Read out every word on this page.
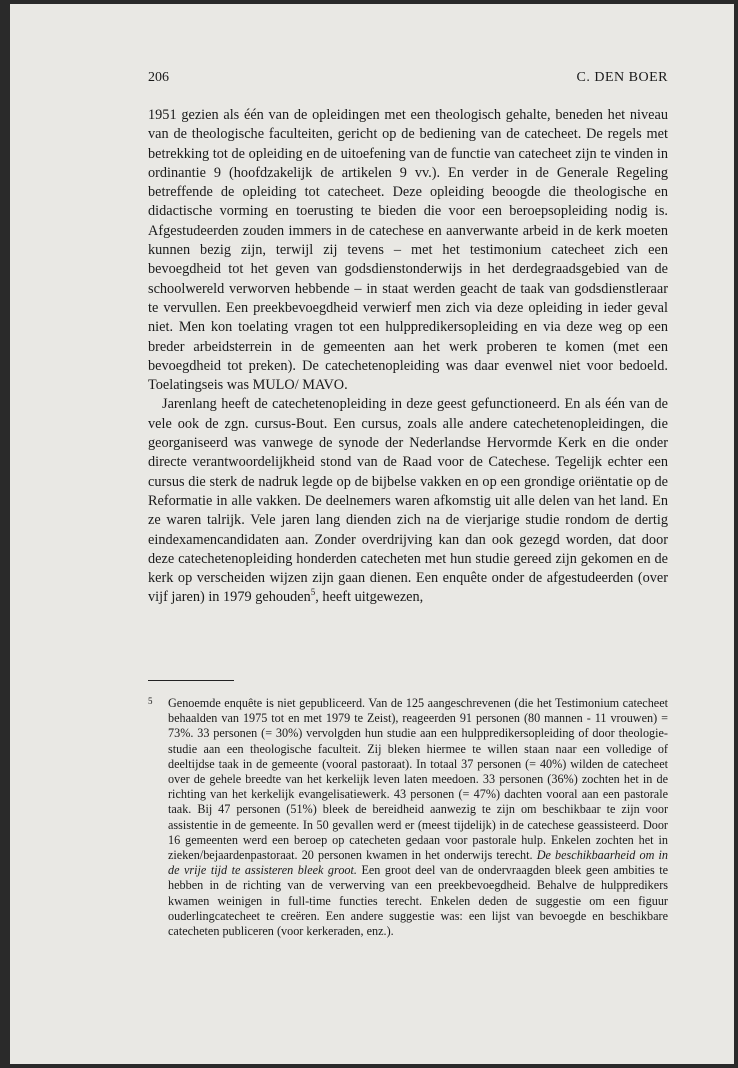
206	C. DEN BOER

1951 gezien als één van de opleidingen met een theologisch gehalte, beneden het niveau van de theologische faculteiten, gericht op de bediening van de catecheet. De regels met betrekking tot de opleiding en de uitoefening van de functie van catecheet zijn te vinden in ordinantie 9 (hoofdzakelijk de artikelen 9 vv.). En verder in de Generale Regeling betreffende de opleiding tot catecheet. Deze opleiding beoogde die theologische en didactische vorming en toerusting te bieden die voor een beroepsopleiding nodig is. Afgestudeerden zouden immers in de catechese en aanverwante arbeid in de kerk moeten kunnen bezig zijn, terwijl zij tevens – met het testimonium catecheet zich een bevoegdheid tot het geven van godsdienstonderwijs in het derdegraadsgebied van de schoolwereld verworven hebbende – in staat werden geacht de taak van godsdienstleraar te vervullen. Een preekbevoegdheid verwierf men zich via deze opleiding in ieder geval niet. Men kon toelating vragen tot een hulppredikersopleiding en via deze weg op een breder arbeidsterrein in de gemeenten aan het werk proberen te komen (met een bevoegdheid tot preken). De catechetenopleiding was daar evenwel niet voor bedoeld. Toelatingseis was MULO/ MAVO.

Jarenlang heeft de catechetenopleiding in deze geest gefunctioneerd. En als één van de vele ook de zgn. cursus-Bout. Een cursus, zoals alle andere catechetenopleidingen, die georganiseerd was vanwege de synode der Nederlandse Hervormde Kerk en die onder directe verantwoordelijkheid stond van de Raad voor de Catechese. Tegelijk echter een cursus die sterk de nadruk legde op de bijbelse vakken en op een grondige oriëntatie op de Reformatie in alle vakken. De deelnemers waren afkomstig uit alle delen van het land. En ze waren talrijk. Vele jaren lang dienden zich na de vierjarige studie rondom de dertig eindexamencandidaten aan. Zonder overdrijving kan dan ook gezegd worden, dat door deze catechetenopleiding honderden catecheten met hun studie gereed zijn gekomen en de kerk op verscheiden wijzen zijn gaan dienen. Een enquête onder de afgestudeerden (over vijf jaren) in 1979 gehouden$^5$, heeft uitgewezen,

5 Genoemde enquête is niet gepubliceerd. Van de 125 aangeschrevenen (die het Testimonium catecheet behaalden van 1975 tot en met 1979 te Zeist), reageerden 91 personen (80 mannen - 11 vrouwen) = 73%. 33 personen (= 30%) vervolgden hun studie aan een hulppredikersopleiding of door theologie-studie aan een theologische faculteit. Zij bleken hiermee te willen staan naar een volledige of deeltijdse taak in de gemeente (vooral pastoraat). In totaal 37 personen (= 40%) wilden de catecheet over de gehele breedte van het kerkelijk leven laten meedoen. 33 personen (36%) zochten het in de richting van het kerkelijk evangelisatiewerk. 43 personen (= 47%) dachten vooral aan een pastorale taak. Bij 47 personen (51%) bleek de bereidheid aanwezig te zijn om beschikbaar te zijn voor assistentie in de gemeente. In 50 gevallen werd er (meest tijdelijk) in de catechese geassisteerd. Door 16 gemeenten werd een beroep op catecheten gedaan voor pastorale hulp. Enkelen zochten het in zieken/bejaardenpastoraat. 20 personen kwamen in het onderwijs terecht. De beschikbaarheid om in de vrije tijd te assisteren bleek groot. Een groot deel van de ondervraagden bleek geen ambities te hebben in de richting van de verwerving van een preekbevoegdheid. Behalve de hulppredikers kwamen weinigen in full-time functies terecht. Enkelen deden de suggestie om een figuur ouderlingcatecheet te creëren. Een andere suggestie was: een lijst van bevoegde en beschikbare catecheten publiceren (voor kerkeraden, enz.).
